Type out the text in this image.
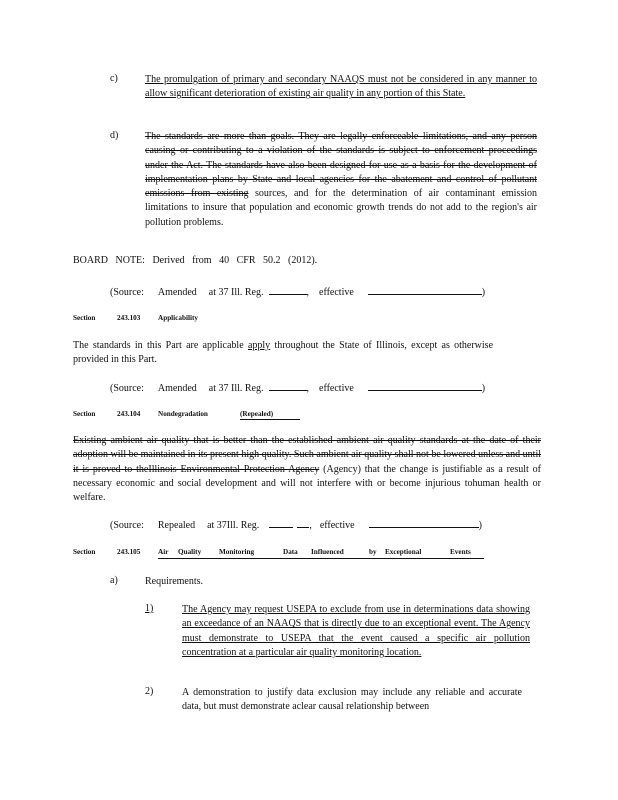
c)	The promulgation of primary and secondary NAAQS must not be considered in any manner to allow significant deterioration of existing air quality in any portion of this State.
d)	The standards are more than goals. They are legally enforceable limitations, and any person causing or contributing to a violation of the standards is subject to enforcement proceedings under the Act. The standards have also been designed for use as a basis for the development of implementation plans by State and local agencies for the abatement and control of pollutant emissions from existing sources, and for the determination of air contaminant emission limitations to insure that population and economic growth trends do not add to the region's air pollution problems.
BOARD NOTE: Derived from 40 CFR 50.2 (2012).
(Source: Amended at 37 Ill. Reg.	, effective	)
Section	243.103 Applicability
The standards in this Part are applicable apply throughout the State of Illinois, except as otherwise provided in this Part.
(Source: Amended at 37 Ill. Reg.	, effective	)
Section	243.104 Nondegradation	(Repealed)
Existing ambient air quality that is better than the established ambient air quality standards at the date of their adoption will be maintained in its present high quality. Such ambient air quality shall not be lowered unless and until it is proved to theIllinois Environmental Protection Agency (Agency) that the change is justifiable as a result of necessary economic and social development and will not interfere with or become injurious tohuman health or welfare.
(Source: Repealed at 37Ill. Reg.	, effective	)
Section	243.105 Air Quality Monitoring	Data Influenced	by Exceptional	Events
a)	Requirements.
1)	The Agency may request USEPA to exclude from use in determinations data showing an exceedance of an NAAQS that is directly due to an exceptional event. The Agency must demonstrate to USEPA that the event caused a specific air pollution concentration at a particular air quality monitoring location.
2)	A demonstration to justify data exclusion may include any reliable and accurate data, but must demonstrate aclear causal relationship between
